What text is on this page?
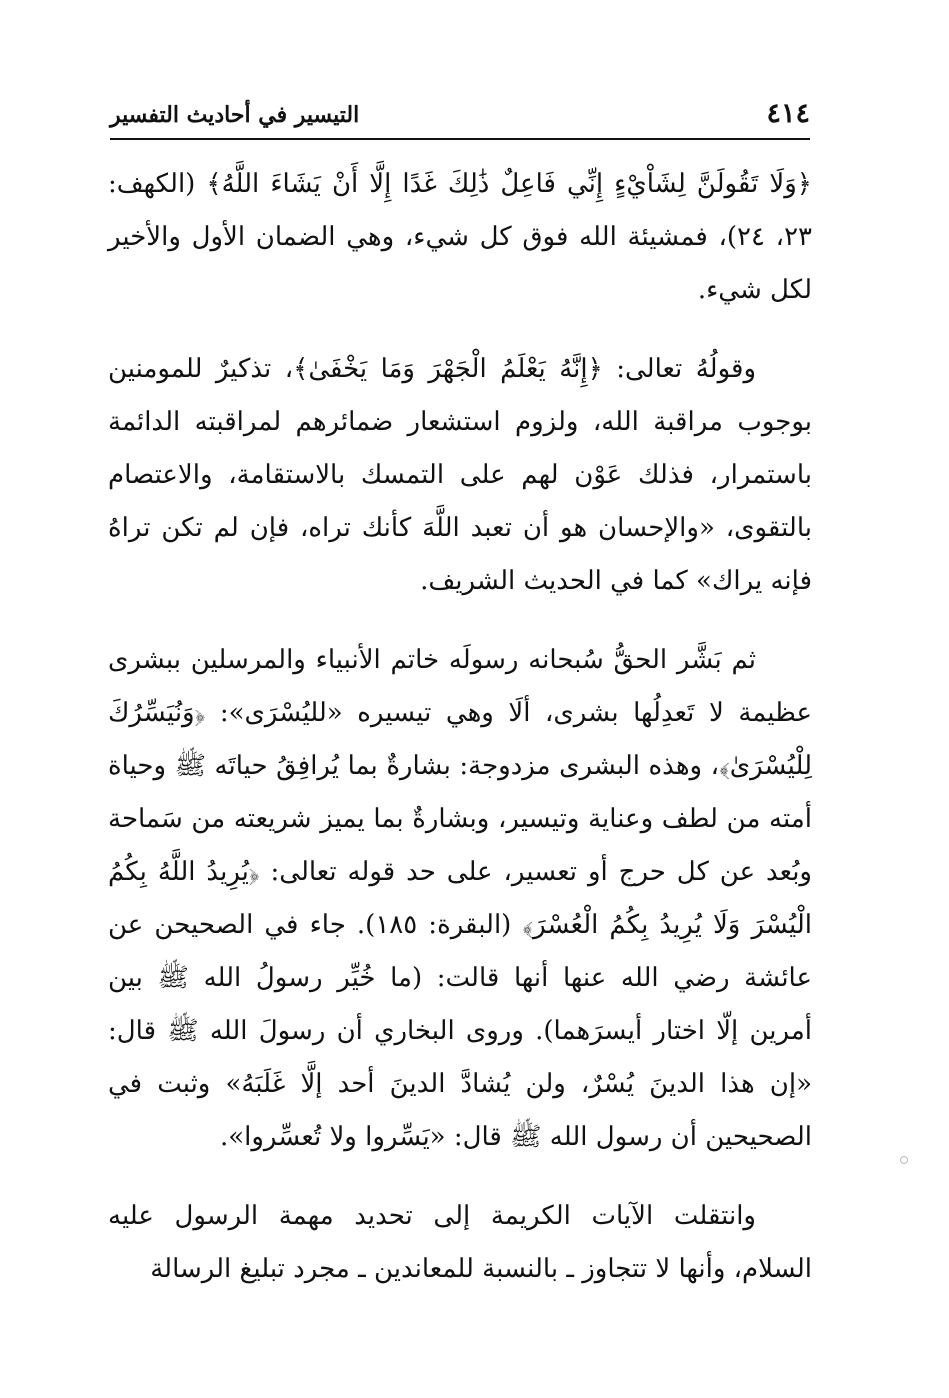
٤١٤
التيسير في أحاديث التفسير

﴿وَلَا تَقُولَنَّ لِشَاْيْءٍ إِنِّي فَاعِلٌ ذَٰلِكَ غَدًا إِلَّا أَنْ يَشَاءَ اللَّهُ﴾ (الكهف: ٢٣، ٢٤)، فمشيئة الله فوق كل شيء، وهي الضمان الأول والأخير لكل شيء.

وقولُهُ تعالى: ﴿إِنَّهُ يَعْلَمُ الْجَهْرَ وَمَا يَخْفَىٰ﴾، تذكيرٌ للمومنين بوجوب مراقبة الله، ولزوم استشعار ضمائرهم لمراقبته الدائمة باستمرار، فذلك عَوْن لهم على التمسك بالاستقامة، والاعتصام بالتقوى، «والإحسان هو أن تعبد اللَّهَ كأنك تراه، فإن لم تكن تراهُ فإنه يراك» كما في الحديث الشريف.

ثم بَشَّر الحقُّ سُبحانه رسولَه خاتم الأنبياء والمرسلين ببشرى عظيمة لا تَعدِلُها بشرى، ألَا وهي تيسيره «لليُسْرَى»: ﴿وَنُيَسِّرُكَ لِلْيُسْرَىٰ﴾، وهذه البشرى مزدوجة: بشارةٌ بما يُرافِقُ حياتَه ﷺ وحياة أمته من لطف وعناية وتيسير، وبشارةٌ بما يميز شريعته من سَماحة وبُعد عن كل حرج أو تعسير، على حد قوله تعالى: ﴿يُرِيدُ اللَّهُ بِكُمُ الْيُسْرَ وَلَا يُرِيدُ بِكُمُ الْعُسْرَ﴾ (البقرة: ١٨٥). جاء في الصحيحن عن عائشة رضي الله عنها أنها قالت: (ما خُيِّر رسولُ الله ﷺ بين أمرين إلّا اختار أيسرَهما). وروى البخاري أن رسولَ الله ﷺ قال: «إن هذا الدينَ يُسْرٌ، ولن يُشادَّ الدينَ أحد إلَّا غَلَبَهُ» وثبت في الصحيحين أن رسول الله ﷺ قال: «يَسِّروا ولا تُعسِّروا».

وانتقلت الآيات الكريمة إلى تحديد مهمة الرسول عليه السلام، وأنها لا تتجاوز ـ بالنسبة للمعاندين ـ مجرد تبليغ الرسالة
